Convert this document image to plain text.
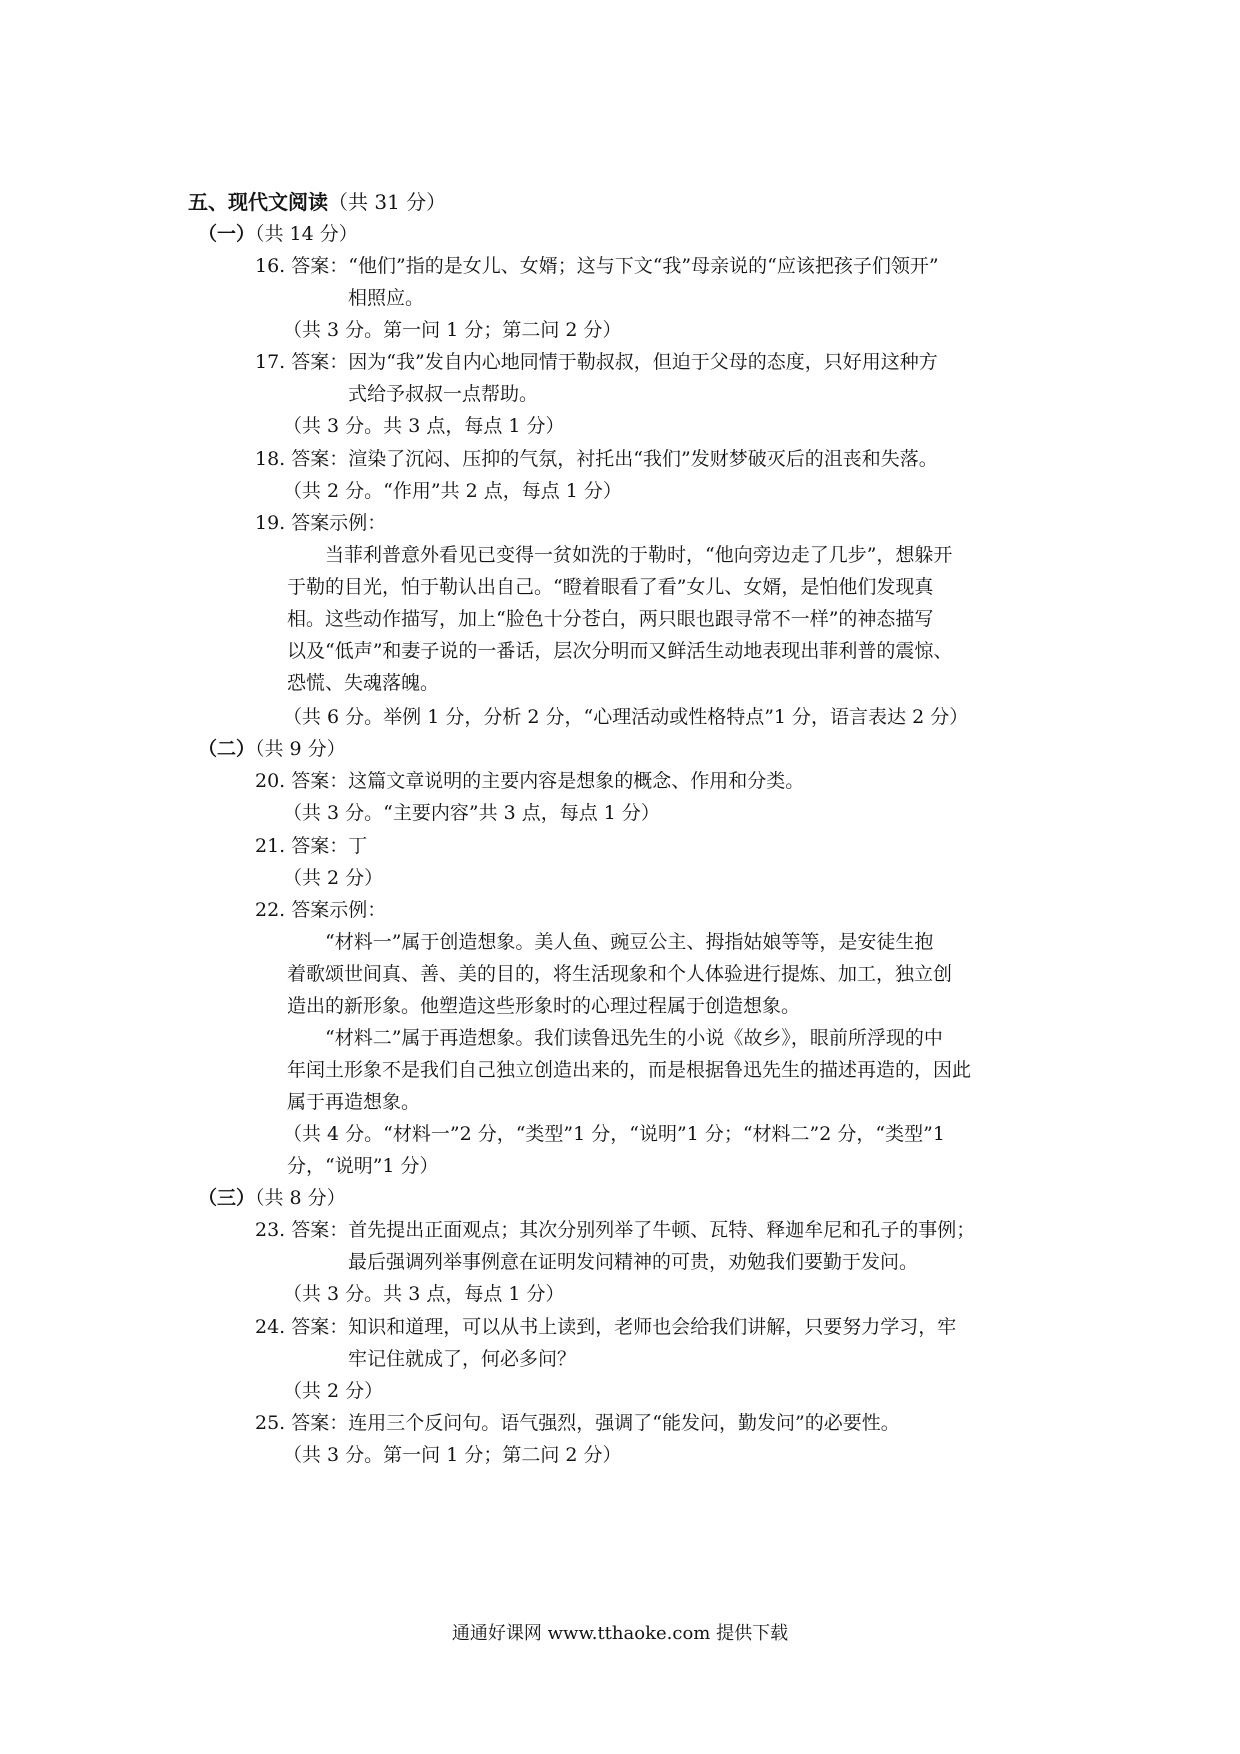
五、现代文阅读（共 31 分）
（一）（共 14 分）
16. 答案：“他们”指的是女儿、女婿；这与下文“我”母亲说的“应该把孩子们领开”
相照应。
（共 3 分。第一问 1 分；第二问 2 分）
17. 答案：因为“我”发自内心地同情于勒叔叔，但迫于父母的态度，只好用这种方
式给予叔叔一点帮助。
（共 3 分。共 3 点，每点 1 分）
18. 答案：渲染了沉闷、压抑的气氛，衬托出“我们”发财梦破灭后的沮丧和失落。
（共 2 分。“作用”共 2 点，每点 1 分）
19. 答案示例：
当菲利普意外看见已变得一贫如洗的于勒时，“他向旁边走了几步”，想躲开
于勒的目光，怕于勒认出自己。“瞪着眼看了看”女儿、女婿，是怕他们发现真
相。这些动作描写，加上“脸色十分苍白，两只眼也跟寻常不一样”的神态描写
以及“低声”和妻子说的一番话，层次分明而又鲜活生动地表现出菲利普的震惊、
恐慌、失魂落魄。
（共 6 分。举例 1 分，分析 2 分，“心理活动或性格特点”1 分，语言表达 2 分）
（二）（共 9 分）
20. 答案：这篇文章说明的主要内容是想象的概念、作用和分类。
（共 3 分。“主要内容”共 3 点，每点 1 分）
21. 答案：丁
（共 2 分）
22. 答案示例：
“材料一”属于创造想象。美人鱼、豌豆公主、拇指姑娘等等，是安徒生抱
着歌颂世间真、善、美的目的，将生活现象和个人体验进行提炼、加工，独立创
造出的新形象。他塑造这些形象时的心理过程属于创造想象。
“材料二”属于再造想象。我们读鲁迅先生的小说《故乡》，眼前所浮现的中
年闰土形象不是我们自己独立创造出来的，而是根据鲁迅先生的描述再造的，因此
属于再造想象。
（共 4 分。“材料一”2 分，“类型”1 分，“说明”1 分；“材料二”2 分，“类型”1
分，“说明”1 分）
（三）（共 8 分）
23. 答案：首先提出正面观点；其次分别列举了牛顿、瓦特、释迦牟尼和孔子的事例；
最后强调列举事例意在证明发问精神的可贵，劝勉我们要勤于发问。
（共 3 分。共 3 点，每点 1 分）
24. 答案：知识和道理，可以从书上读到，老师也会给我们讲解，只要努力学习，牢
牢记住就成了，何必多问？
（共 2 分）
25. 答案：连用三个反问句。语气强烈，强调了“能发问，勤发问”的必要性。
（共 3 分。第一问 1 分；第二问 2 分）
通通好课网 www.tthaoke.com 提供下载
